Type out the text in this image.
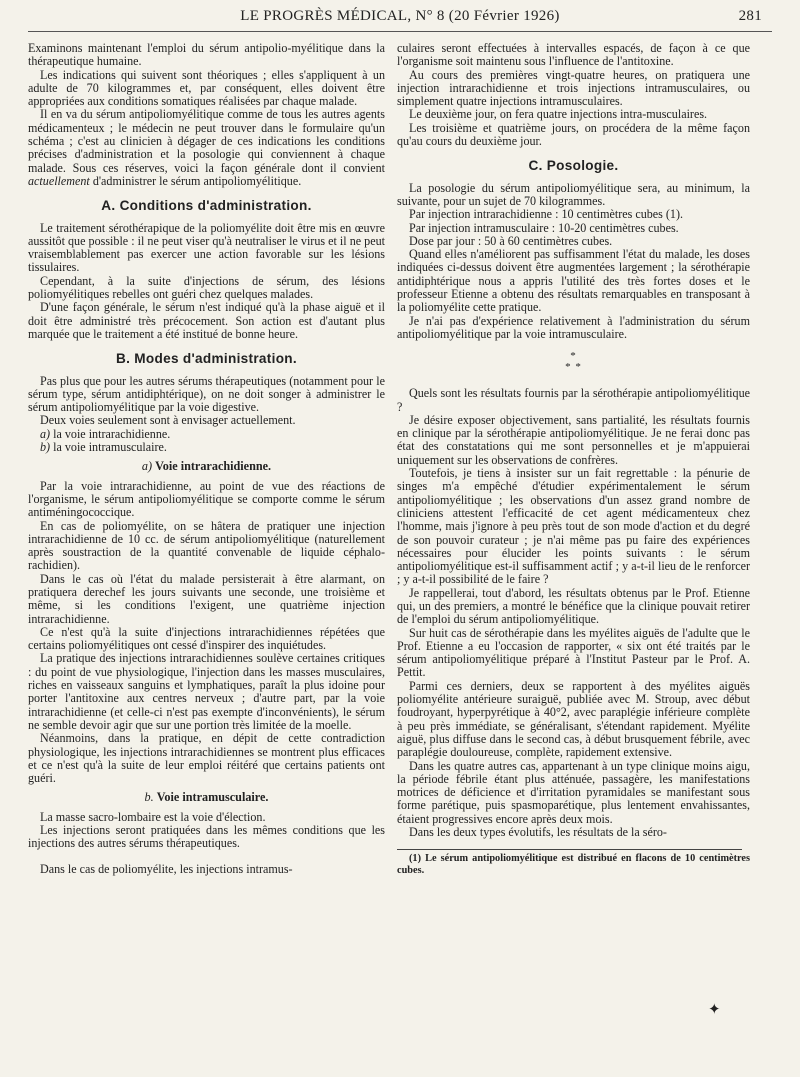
LE PROGRÈS MÉDICAL, N° 8 (20 Février 1926)	281

Examinons maintenant l'emploi du sérum antipolio-myélitique dans la thérapeutique humaine.

Les indications qui suivent sont théoriques ; elles s'appliquent à un adulte de 70 kilogrammes et, par conséquent, elles doivent être appropriées aux conditions somatiques réalisées par chaque malade.

Il en va du sérum antipoliomyélitique comme de tous les autres agents médicamenteux ; le médecin ne peut trouver dans le formulaire qu'un schéma ; c'est au clinicien à dégager de ces indications les conditions précises d'administration et la posologie qui conviennent à chaque malade. Sous ces réserves, voici la façon générale dont il convient actuellement d'administrer le sérum antipoliomyélitique.

A. Conditions d'administration.

Le traitement sérothérapique de la poliomyélite doit être mis en œuvre aussitôt que possible : il ne peut viser qu'à neutraliser le virus et il ne peut vraisemblablement pas exercer une action favorable sur les lésions tissulaires.

Cependant, à la suite d'injections de sérum, des lésions poliomyélitiques rebelles ont guéri chez quelques malades.

D'une façon générale, le sérum n'est indiqué qu'à la phase aiguë et il doit être administré très précocement. Son action est d'autant plus marquée que le traitement a été institué de bonne heure.

B. Modes d'administration.

Pas plus que pour les autres sérums thérapeutiques (notamment pour le sérum type, sérum antidiphtérique), on ne doit songer à administrer le sérum antipoliomyélitique par la voie digestive.

Deux voies seulement sont à envisager actuellement.

a) la voie intrarachidienne.
b) la voie intramusculaire.
a) Voie intrarachidienne.

Par la voie intrarachidienne, au point de vue des réactions de l'organisme, le sérum antipoliomyélitique se comporte comme le sérum antiméningococcique.

En cas de poliomyélite, on se hâtera de pratiquer une injection intrarachidienne de 10 cc. de sérum antipoliomyélitique (naturellement après soustraction de la quantité convenable de liquide céphalo-rachidien).

Dans le cas où l'état du malade persisterait à être alarmant, on pratiquera derechef les jours suivants une seconde, une troisième et même, si les conditions l'exigent, une quatrième injection intrarachidienne.

Ce n'est qu'à la suite d'injections intrarachidiennes répétées que certains poliomyélitiques ont cessé d'inspirer des inquiétudes.

La pratique des injections intrarachidiennes soulève certaines critiques : du point de vue physiologique, l'injection dans les masses musculaires, riches en vaisseaux sanguins et lymphatiques, paraît la plus idoine pour porter l'antitoxine aux centres nerveux ; d'autre part, par la voie intrarachidienne (et celle-ci n'est pas exempte d'inconvénients), le sérum ne semble devoir agir que sur une portion très limitée de la moelle.

Néanmoins, dans la pratique, en dépit de cette contradiction physiologique, les injections intrarachidiennes se montrent plus efficaces et ce n'est qu'à la suite de leur emploi réitéré que certains patients ont guéri.

b. Voie intramusculaire.

La masse sacro-lombaire est la voie d'élection.

Les injections seront pratiquées dans les mêmes conditions que les injections des autres sérums thérapeutiques.

Dans le cas de poliomyélite, les injections intramus-

culaires seront effectuées à intervalles espacés, de façon à ce que l'organisme soit maintenu sous l'influence de l'antitoxine.

Au cours des premières vingt-quatre heures, on pratiquera une injection intrarachidienne et trois injections intramusculaires, ou simplement quatre injections intramusculaires.

Le deuxième jour, on fera quatre injections intra-musculaires.

Les troisième et quatrième jours, on procédera de la même façon qu'au cours du deuxième jour.

C. Posologie.

La posologie du sérum antipoliomyélitique sera, au minimum, la suivante, pour un sujet de 70 kilogrammes.

Par injection intrarachidienne : 10 centimètres cubes (1).

Par injection intramusculaire : 10-20 centimètres cubes.

Dose par jour : 50 à 60 centimètres cubes.

Quand elles n'améliorent pas suffisamment l'état du malade, les doses indiquées ci-dessus doivent être augmentées largement ; la sérothérapie antidiphtérique nous a appris l'utilité des très fortes doses et le professeur Etienne a obtenu des résultats remarquables en transposant à la poliomyélite cette pratique.

Je n'ai pas d'expérience relativement à l'administration du sérum antipoliomyélitique par la voie intramusculaire.

*
* *

Quels sont les résultats fournis par la sérothérapie antipoliomyélitique ?

Je désire exposer objectivement, sans partialité, les résultats fournis en clinique par la sérothérapie antipoliomyélitique. Je ne ferai donc pas état des constatations qui me sont personnelles et je m'appuierai uniquement sur les observations de confrères.

Toutefois, je tiens à insister sur un fait regrettable : la pénurie de singes m'a empêché d'étudier expérimentalement le sérum antipoliomyélitique ; les observations d'un assez grand nombre de cliniciens attestent l'efficacité de cet agent médicamenteux chez l'homme, mais j'ignore à peu près tout de son mode d'action et du degré de son pouvoir curateur ; je n'ai même pas pu faire des expériences nécessaires pour élucider les points suivants : le sérum antipoliomyélitique est-il suffisamment actif ; y a-t-il lieu de le renforcer ; y a-t-il possibilité de le faire ?

Je rappellerai, tout d'abord, les résultats obtenus par le Prof. Etienne qui, un des premiers, a montré le bénéfice que la clinique pouvait retirer de l'emploi du sérum antipoliomyélitique.

Sur huit cas de sérothérapie dans les myélites aiguës de l'adulte que le Prof. Etienne a eu l'occasion de rapporter, « six ont été traités par le sérum antipoliomyélitique préparé à l'Institut Pasteur par le Prof. A. Pettit.

Parmi ces derniers, deux se rapportent à des myélites aiguës poliomyélite antérieure suraiguë, publiée avec M. Stroup, avec début foudroyant, hyperpyrétique à 40°2, avec paraplégie inférieure complète à peu près immédiate, se généralisant, s'étendant rapidement. Myélite aiguë, plus diffuse dans le second cas, à début brusquement fébrile, avec paraplégie douloureuse, complète, rapidement extensive.

Dans les quatre autres cas, appartenant à un type clinique moins aigu, la période fébrile étant plus atténuée, passagère, les manifestations motrices de déficience et d'irritation pyramidales se manifestant sous forme parétique, puis spasmoparétique, plus lentement envahissantes, étaient progressives encore après deux mois.

Dans les deux types évolutifs, les résultats de la séro-

(1) Le sérum antipoliomyélitique est distribué en flacons de 10 centimètres cubes.

✦
